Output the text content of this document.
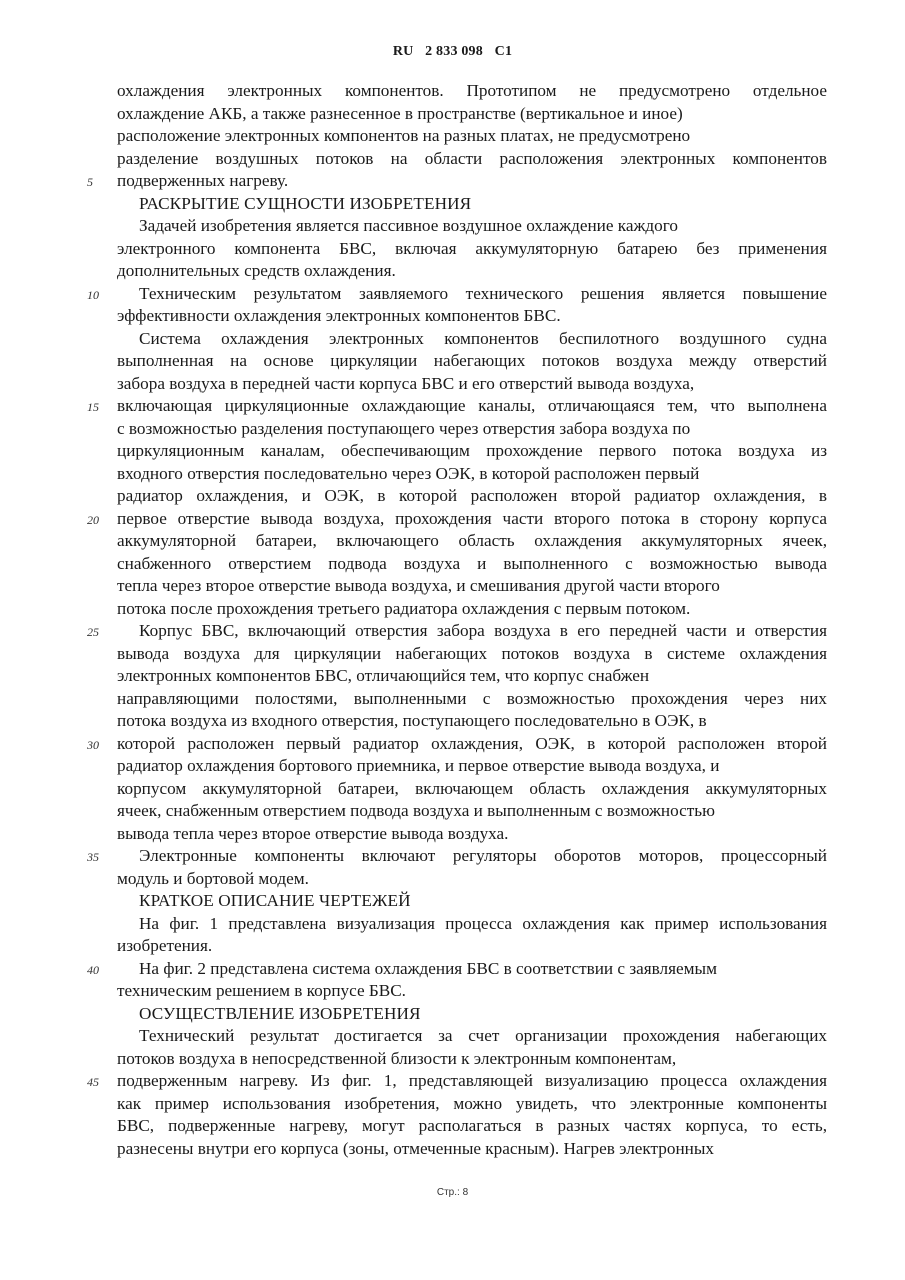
RU 2 833 098 C1
охлаждения электронных компонентов. Прототипом не предусмотрено отдельное
охлаждение АКБ, а также разнесенное в пространстве (вертикальное и иное)
расположение электронных компонентов на разных платах, не предусмотрено
разделение воздушных потоков на области расположения электронных компонентов
5	подверженных нагреву.
РАСКРЫТИЕ СУЩНОСТИ ИЗОБРЕТЕНИЯ
Задачей изобретения является пассивное воздушное охлаждение каждого
электронного компонента БВС, включая аккумуляторную батарею без применения
дополнительных средств охлаждения.
10	Техническим результатом заявляемого технического решения является повышение
эффективности охлаждения электронных компонентов БВС.
Система охлаждения электронных компонентов беспилотного воздушного судна
выполненная на основе циркуляции набегающих потоков воздуха между отверстий
забора воздуха в передней части корпуса БВС и его отверстий вывода воздуха,
15	включающая циркуляционные охлаждающие каналы, отличающаяся тем, что выполнена
с возможностью разделения поступающего через отверстия забора воздуха по
циркуляционным каналам, обеспечивающим прохождение первого потока воздуха из
входного отверстия последовательно через ОЭК, в которой расположен первый
радиатор охлаждения, и ОЭК, в которой расположен второй радиатор охлаждения, в
20	первое отверстие вывода воздуха, прохождения части второго потока в сторону корпуса
аккумуляторной батареи, включающего область охлаждения аккумуляторных ячеек,
снабженного отверстием подвода воздуха и выполненного с возможностью вывода
тепла через второе отверстие вывода воздуха, и смешивания другой части второго
потока после прохождения третьего радиатора охлаждения с первым потоком.
25	Корпус БВС, включающий отверстия забора воздуха в его передней части и отверстия
вывода воздуха для циркуляции набегающих потоков воздуха в системе охлаждения
электронных компонентов БВС, отличающийся тем, что корпус снабжен
направляющими полостями, выполненными с возможностью прохождения через них
потока воздуха из входного отверстия, поступающего последовательно в ОЭК, в
30	которой расположен первый радиатор охлаждения, ОЭК, в которой расположен второй
радиатор охлаждения бортового приемника, и первое отверстие вывода воздуха, и
корпусом аккумуляторной батареи, включающем область охлаждения аккумуляторных
ячеек, снабженным отверстием подвода воздуха и выполненным с возможностью
вывода тепла через второе отверстие вывода воздуха.
35	Электронные компоненты включают регуляторы оборотов моторов, процессорный
модуль и бортовой модем.
КРАТКОЕ ОПИСАНИЕ ЧЕРТЕЖЕЙ
На фиг. 1 представлена визуализация процесса охлаждения как пример использования
изобретения.
40	На фиг. 2 представлена система охлаждения БВС в соответствии с заявляемым
техническим решением в корпусе БВС.
ОСУЩЕСТВЛЕНИЕ ИЗОБРЕТЕНИЯ
Технический результат достигается за счет организации прохождения набегающих
потоков воздуха в непосредственной близости к электронным компонентам,
45	подверженным нагреву. Из фиг. 1, представляющей визуализацию процесса охлаждения
как пример использования изобретения, можно увидеть, что электронные компоненты
БВС, подверженные нагреву, могут располагаться в разных частях корпуса, то есть,
разнесены внутри его корпуса (зоны, отмеченные красным). Нагрев электронных
Стр.: 8
